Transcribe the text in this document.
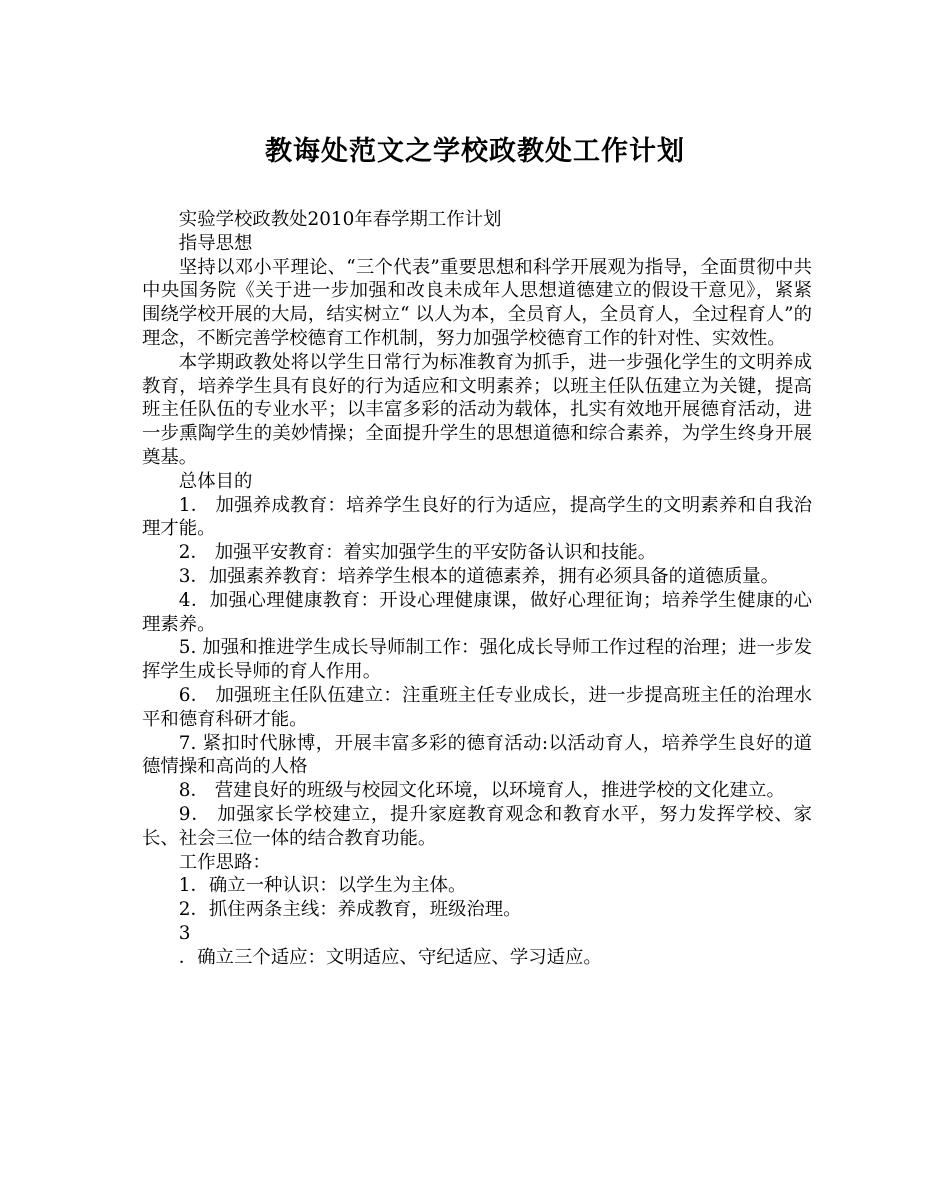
教诲处范文之学校政教处工作计划

实验学校政教处2010年春学期工作计划

指导思想

坚持以邓小平理论、“三个代表”重要思想和科学开展观为指导，全面贯彻中共中央国务院《关于进一步加强和改良未成年人思想道德建立的假设干意见》，紧紧围绕学校开展的大局，结实树立“ 以人为本，全员育人，全员育人，全过程育人”的理念，不断完善学校德育工作机制，努力加强学校德育工作的针对性、实效性。

本学期政教处将以学生日常行为标准教育为抓手，进一步强化学生的文明养成教育，培养学生具有良好的行为适应和文明素养；以班主任队伍建立为关键，提高班主任队伍的专业水平；以丰富多彩的活动为载体，扎实有效地开展德育活动，进一步熏陶学生的美妙情操；全面提升学生的思想道德和综合素养，为学生终身开展奠基。

总体目的

1． 加强养成教育：培养学生良好的行为适应，提高学生的文明素养和自我治理才能。

2． 加强平安教育：着实加强学生的平安防备认识和技能。

3．加强素养教育：培养学生根本的道德素养，拥有必须具备的道德质量。

4．加强心理健康教育：开设心理健康课，做好心理征询；培养学生健康的心理素养。

5. 加强和推进学生成长导师制工作：强化成长导师工作过程的治理；进一步发挥学生成长导师的育人作用。

6． 加强班主任队伍建立：注重班主任专业成长，进一步提高班主任的治理水平和德育科研才能。

7. 紧扣时代脉博，开展丰富多彩的德育活动:以活动育人，培养学生良好的道德情操和高尚的人格

8． 营建良好的班级与校园文化环境，以环境育人，推进学校的文化建立。

9． 加强家长学校建立，提升家庭教育观念和教育水平，努力发挥学校、家长、社会三位一体的结合教育功能。

工作思路：

1．确立一种认识：以学生为主体。

2．抓住两条主线：养成教育，班级治理。

3

．确立三个适应：文明适应、守纪适应、学习适应。
